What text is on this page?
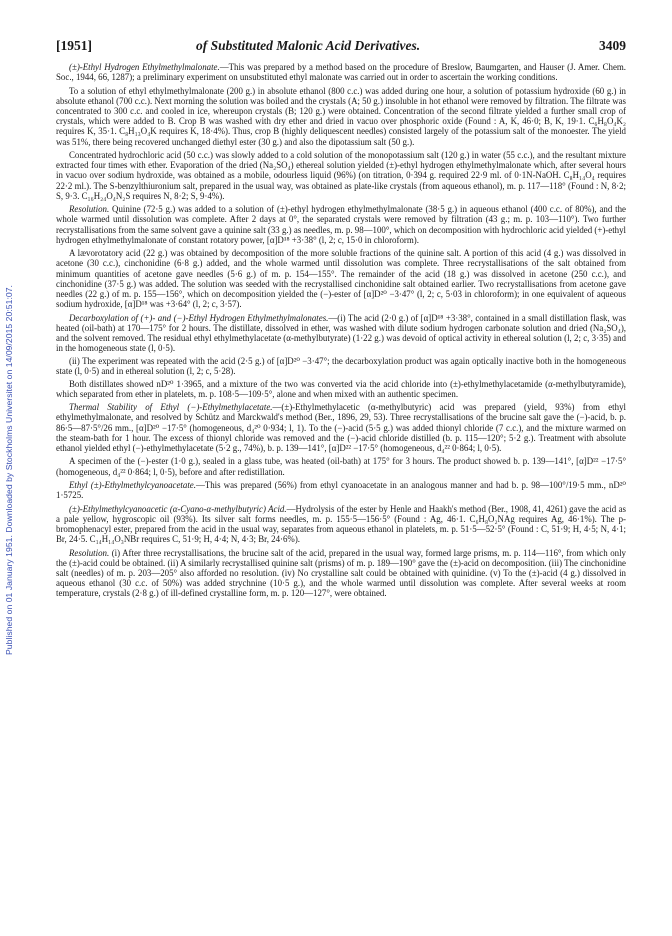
Published on 01 January 1951. Downloaded by Stockholms Universitet on 14/09/2015 20:51:07.
[1951]	of Substituted Malonic Acid Derivatives.	3409

(±)-Ethyl Hydrogen Ethylmethylmalonate.—This was prepared by a method based on the procedure of Breslow, Baumgarten, and Hauser (J. Amer. Chem. Soc., 1944, 66, 1287); a preliminary experiment on unsubstituted ethyl malonate was carried out in order to ascertain the working conditions.

To a solution of ethyl ethylmethylmalonate (200 g.) in absolute ethanol (800 c.c.) was added during one hour, a solution of potassium hydroxide (60 g.) in absolute ethanol (700 c.c.). Next morning the solution was boiled and the crystals (A; 50 g.) insoluble in hot ethanol were removed by filtration. The filtrate was concentrated to 300 c.c. and cooled in ice, whereupon crystals (B; 120 g.) were obtained. Concentration of the second filtrate yielded a further small crop of crystals, which were added to B. Crop B was washed with dry ether and dried in vacuo over phosphoric oxide (Found : A, K, 46·0; B, K, 19·1. C₆H₈O₄K₂ requires K, 35·1. C₈H₁₃O₄K requires K, 18·4%). Thus, crop B (highly deliquescent needles) consisted largely of the potassium salt of the monoester. The yield was 51%, there being recovered unchanged diethyl ester (30 g.) and also the dipotassium salt (50 g.).

Concentrated hydrochloric acid (50 c.c.) was slowly added to a cold solution of the monopotassium salt (120 g.) in water (55 c.c.), and the resultant mixture extracted four times with ether. Evaporation of the dried (Na₂SO₄) ethereal solution yielded (±)-ethyl hydrogen ethylmethylmalonate which, after several hours in vacuo over sodium hydroxide, was obtained as a mobile, odourless liquid (96%) (on titration, 0·394 g. required 22·9 ml. of 0·1N-NaOH. C₈H₁₄O₄ requires 22·2 ml.). The S-benzylthiuronium salt, prepared in the usual way, was obtained as plate-like crystals (from aqueous ethanol), m. p. 117—118° (Found : N, 8·2; S, 9·3. C₁₆H₂₄O₄N₂S requires N, 8·2; S, 9·4%).

Resolution. Quinine (72·5 g.) was added to a solution of (±)-ethyl hydrogen ethylmethylmalonate (38·5 g.) in aqueous ethanol (400 c.c. of 80%), and the whole warmed until dissolution was complete. After 2 days at 0°, the separated crystals were removed by filtration (43 g.; m. p. 103—110°). Two further recrystallisations from the same solvent gave a quinine salt (33 g.) as needles, m. p. 98—100°, which on decomposition with hydrochloric acid yielded (+)-ethyl hydrogen ethylmethylmalonate of constant rotatory power, [α]D¹⁸ +3·38° (l, 2; c, 15·0 in chloroform).

A lævorotatory acid (22 g.) was obtained by decomposition of the more soluble fractions of the quinine salt. A portion of this acid (4 g.) was dissolved in acetone (30 c.c.), cinchonidine (6·8 g.) added, and the whole warmed until dissolution was complete. Three recrystallisations of the salt obtained from minimum quantities of acetone gave needles (5·6 g.) of m. p. 154—155°. The remainder of the acid (18 g.) was dissolved in acetone (250 c.c.), and cinchonidine (37·5 g.) was added. The solution was seeded with the recrystallised cinchonidine salt obtained earlier. Two recrystallisations from acetone gave needles (22 g.) of m. p. 155—156°, which on decomposition yielded the (−)-ester of [α]D²⁰ −3·47° (l, 2; c, 5·03 in chloroform); in one equivalent of aqueous sodium hydroxide, [α]D¹⁸ was +3·64° (l, 2; c, 3·57).

Decarboxylation of (+)- and (−)-Ethyl Hydrogen Ethylmethylmalonates.—(i) The acid (2·0 g.) of [α]D¹⁸ +3·38°, contained in a small distillation flask, was heated (oil-bath) at 170—175° for 2 hours. The distillate, dissolved in ether, was washed with dilute sodium hydrogen carbonate solution and dried (Na₂SO₄), and the solvent removed. The residual ethyl ethylmethylacetate (α-methylbutyrate) (1·22 g.) was devoid of optical activity in ethereal solution (l, 2; c, 3·35) and in the homogeneous state (l, 0·5).

(ii) The experiment was repeated with the acid (2·5 g.) of [α]D²⁰ −3·47°; the decarboxylation product was again optically inactive both in the homogeneous state (l, 0·5) and in ethereal solution (l, 2; c, 5·28).

Both distillates showed nD²⁰ 1·3965, and a mixture of the two was converted via the acid chloride into (±)-ethylmethylacetamide (α-methylbutyramide), which separated from ether in platelets, m. p. 108·5—109·5°, alone and when mixed with an authentic specimen.

Thermal Stability of Ethyl (−)-Ethylmethylacetate.—(±)-Ethylmethylacetic (α-methylbutyric) acid was prepared (yield, 93%) from ethyl ethylmethylmalonate, and resolved by Schütz and Marckwald's method (Ber., 1896, 29, 53). Three recrystallisations of the brucine salt gave the (−)-acid, b. p. 86·5—87·5°/26 mm., [α]D²⁰ −17·5° (homogeneous, d₄²⁰ 0·934; l, 1). To the (−)-acid (5·5 g.) was added thionyl chloride (7 c.c.), and the mixture warmed on the steam-bath for 1 hour. The excess of thionyl chloride was removed and the (−)-acid chloride distilled (b. p. 115—120°; 5·2 g.). Treatment with absolute ethanol yielded ethyl (−)-ethylmethylacetate (5·2 g., 74%), b. p. 139—141°, [α]D²² −17·5° (homogeneous, d₄²² 0·864; l, 0·5).

A specimen of the (−)-ester (1·0 g.), sealed in a glass tube, was heated (oil-bath) at 175° for 3 hours. The product showed b. p. 139—141°, [α]D²² −17·5° (homogeneous, d₄²² 0·864; l, 0·5), before and after redistillation.

Ethyl (±)-Ethylmethylcyanoacetate.—This was prepared (56%) from ethyl cyanoacetate in an analogous manner and had b. p. 98—100°/19·5 mm., nD²⁰ 1·5725.

(±)-Ethylmethylcyanoacetic (α-Cyano-α-methylbutyric) Acid.—Hydrolysis of the ester by Henle and Haakh's method (Ber., 1908, 41, 4261) gave the acid as a pale yellow, hygroscopic oil (93%). Its silver salt forms needles, m. p. 155·5—156·5° (Found : Ag, 46·1. C₆H₈O₂NAg requires Ag, 46·1%). The p-bromophenacyl ester, prepared from the acid in the usual way, separates from aqueous ethanol in platelets, m. p. 51·5—52·5° (Found : C, 51·9; H, 4·5; N, 4·1; Br, 24·5. C₁₄H₁₄O₃NBr requires C, 51·9; H, 4·4; N, 4·3; Br, 24·6%).

Resolution. (i) After three recrystallisations, the brucine salt of the acid, prepared in the usual way, formed large prisms, m. p. 114—116°, from which only the (±)-acid could be obtained. (ii) A similarly recrystallised quinine salt (prisms) of m. p. 189—190° gave the (±)-acid on decomposition. (iii) The cinchonidine salt (needles) of m. p. 203—205° also afforded no resolution. (iv) No crystalline salt could be obtained with quinidine. (v) To the (±)-acid (4 g.) dissolved in aqueous ethanol (30 c.c. of 50%) was added strychnine (10·5 g.), and the whole warmed until dissolution was complete. After several weeks at room temperature, crystals (2·8 g.) of ill-defined crystalline form, m. p. 120—127°, were obtained.
